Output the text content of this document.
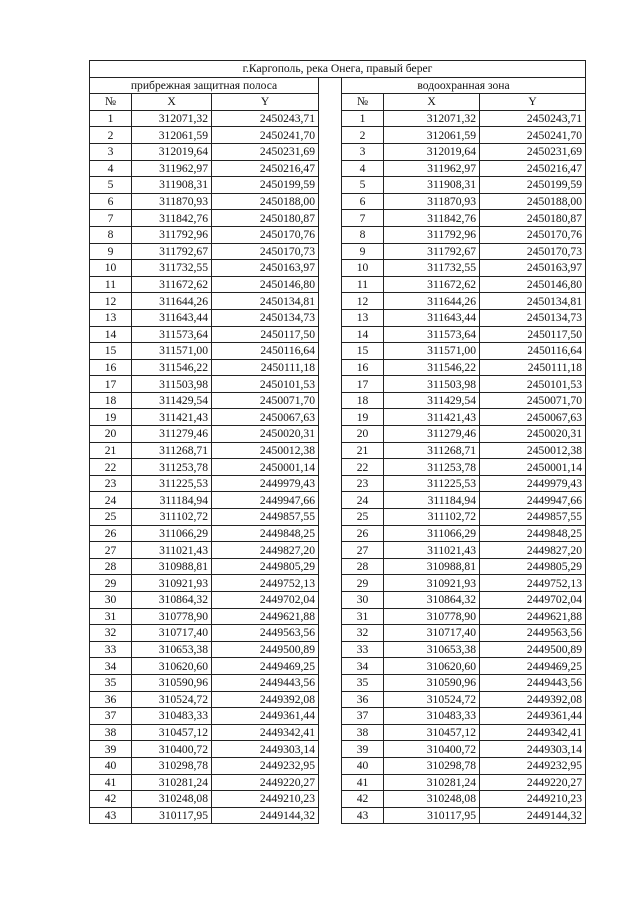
г.Каргополь, река Онега, правый берег						
прибрежная защитная полоса				водоохранная зона		
№	X	Y		№	X	Y
1	312071,32	2450243,71		1	312071,32	2450243,71
2	312061,59	2450241,70		2	312061,59	2450241,70
3	312019,64	2450231,69		3	312019,64	2450231,69
4	311962,97	2450216,47		4	311962,97	2450216,47
5	311908,31	2450199,59		5	311908,31	2450199,59
6	311870,93	2450188,00		6	311870,93	2450188,00
7	311842,76	2450180,87		7	311842,76	2450180,87
8	311792,96	2450170,76		8	311792,96	2450170,76
9	311792,67	2450170,73		9	311792,67	2450170,73
10	311732,55	2450163,97		10	311732,55	2450163,97
11	311672,62	2450146,80		11	311672,62	2450146,80
12	311644,26	2450134,81		12	311644,26	2450134,81
13	311643,44	2450134,73		13	311643,44	2450134,73
14	311573,64	2450117,50		14	311573,64	2450117,50
15	311571,00	2450116,64		15	311571,00	2450116,64
16	311546,22	2450111,18		16	311546,22	2450111,18
17	311503,98	2450101,53		17	311503,98	2450101,53
18	311429,54	2450071,70		18	311429,54	2450071,70
19	311421,43	2450067,63		19	311421,43	2450067,63
20	311279,46	2450020,31		20	311279,46	2450020,31
21	311268,71	2450012,38		21	311268,71	2450012,38
22	311253,78	2450001,14		22	311253,78	2450001,14
23	311225,53	2449979,43		23	311225,53	2449979,43
24	311184,94	2449947,66		24	311184,94	2449947,66
25	311102,72	2449857,55		25	311102,72	2449857,55
26	311066,29	2449848,25		26	311066,29	2449848,25
27	311021,43	2449827,20		27	311021,43	2449827,20
28	310988,81	2449805,29		28	310988,81	2449805,29
29	310921,93	2449752,13		29	310921,93	2449752,13
30	310864,32	2449702,04		30	310864,32	2449702,04
31	310778,90	2449621,88		31	310778,90	2449621,88
32	310717,40	2449563,56		32	310717,40	2449563,56
33	310653,38	2449500,89		33	310653,38	2449500,89
34	310620,60	2449469,25		34	310620,60	2449469,25
35	310590,96	2449443,56		35	310590,96	2449443,56
36	310524,72	2449392,08		36	310524,72	2449392,08
37	310483,33	2449361,44		37	310483,33	2449361,44
38	310457,12	2449342,41		38	310457,12	2449342,41
39	310400,72	2449303,14		39	310400,72	2449303,14
40	310298,78	2449232,95		40	310298,78	2449232,95
41	310281,24	2449220,27		41	310281,24	2449220,27
42	310248,08	2449210,23		42	310248,08	2449210,23
43	310117,95	2449144,32		43	310117,95	2449144,32
